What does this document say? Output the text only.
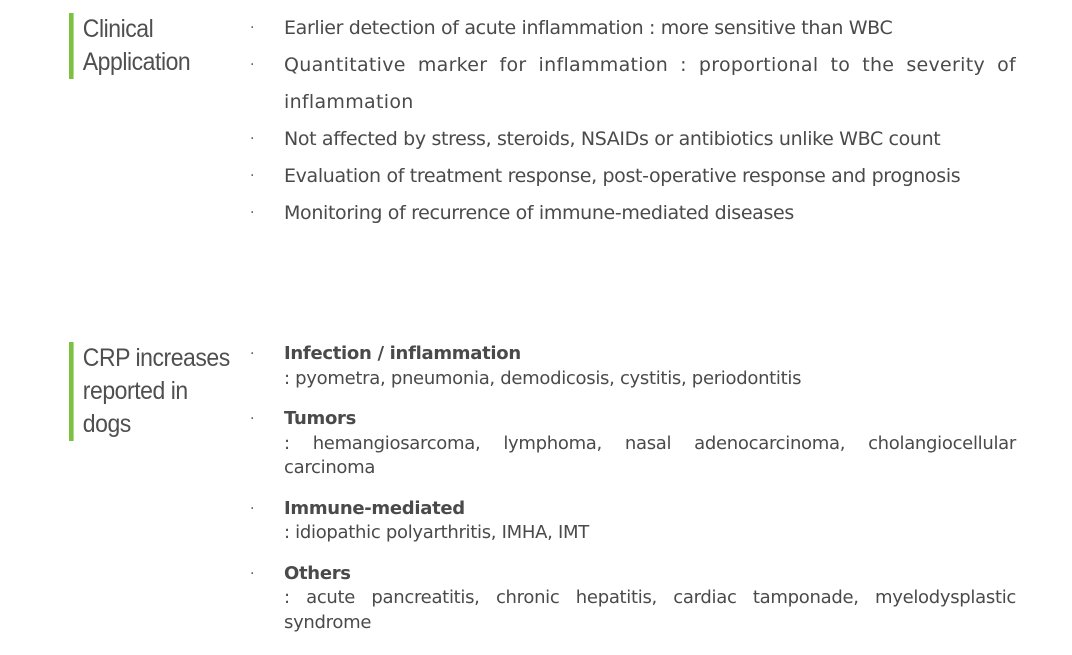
Clinical
Application
· Earlier detection of acute inflammation : more sensitive than WBC
· Quantitative marker for inflammation : proportional to the severity of inflammation
· Not affected by stress, steroids, NSAIDs or antibiotics unlike WBC count
· Evaluation of treatment response, post-operative response and prognosis
· Monitoring of recurrence of immune-mediated diseases
CRP increases
reported in
dogs
· Infection / inflammation
: pyometra, pneumonia, demodicosis, cystitis, periodontitis
· Tumors
: hemangiosarcoma, lymphoma, nasal adenocarcinoma, cholangiocellular carcinoma
· Immune-mediated
: idiopathic polyarthritis, IMHA, IMT
· Others
: acute pancreatitis, chronic hepatitis, cardiac tamponade, myelodysplastic syndrome
